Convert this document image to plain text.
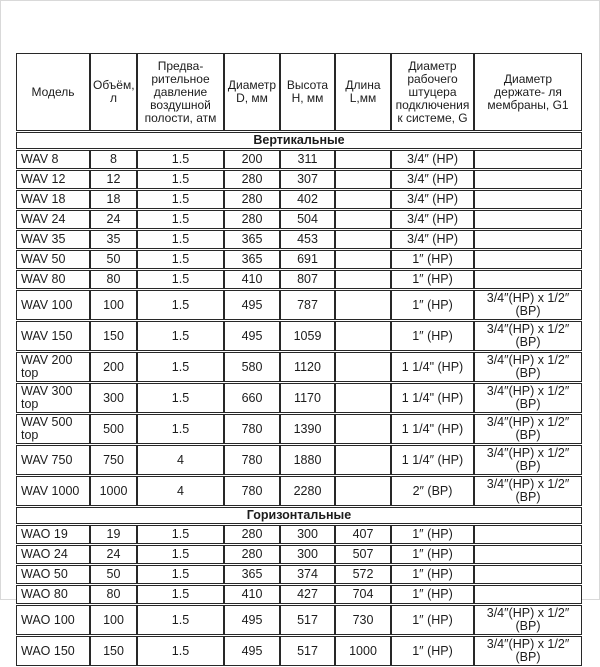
Модель	Объём, л	Предва- рительное давление воздушной полости, атм	Диаметр D, мм	Высота H, мм	Длина L,мм	Диаметр рабочего штуцера подключения к системе, G	Диаметр держате- ля мембраны, G1
Вертикальные							
WAV 8	8	1.5	200	311		3/4″ (HP)	
WAV 12	12	1.5	280	307		3/4″ (HP)	
WAV 18	18	1.5	280	402		3/4″ (HP)	
WAV 24	24	1.5	280	504		3/4″ (HP)	
WAV 35	35	1.5	365	453		3/4″ (HP)	
WAV 50	50	1.5	365	691		1″ (HP)	
WAV 80	80	1.5	410	807		1″ (HP)	
WAV 100	100	1.5	495	787		1″ (HP)	3/4″(HP) x 1/2″(BP)
WAV 150	150	1.5	495	1059		1″ (HP)	3/4″(HP) x 1/2″(BP)
WAV 200 top	200	1.5	580	1120		1 1/4" (HP)	3/4″(HP) x 1/2″(BP)
WAV 300 top	300	1.5	660	1170		1 1/4" (HP)	3/4″(HP) x 1/2″(BP)
WAV 500 top	500	1.5	780	1390		1 1/4" (HP)	3/4″(HP) x 1/2″(BP)
WAV 750	750	4	780	1880		1 1/4″ (HP)	3/4″(HP) x 1/2″(BP)
WAV 1000	1000	4	780	2280		2″ (BP)	3/4″(HP) x 1/2″(BP)
Горизонтальные							
WAO 19	19	1.5	280	300	407	1″ (HP)	
WAO 24	24	1.5	280	300	507	1″ (HP)	
WAO 50	50	1.5	365	374	572	1″ (HP)	
WAO 80	80	1.5	410	427	704	1″ (HP)	
WAO 100	100	1.5	495	517	730	1″ (HP)	3/4″(HP) x 1/2″(BP)
WAO 150	150	1.5	495	517	1000	1″ (HP)	3/4″(HP) x 1/2″(BP)
